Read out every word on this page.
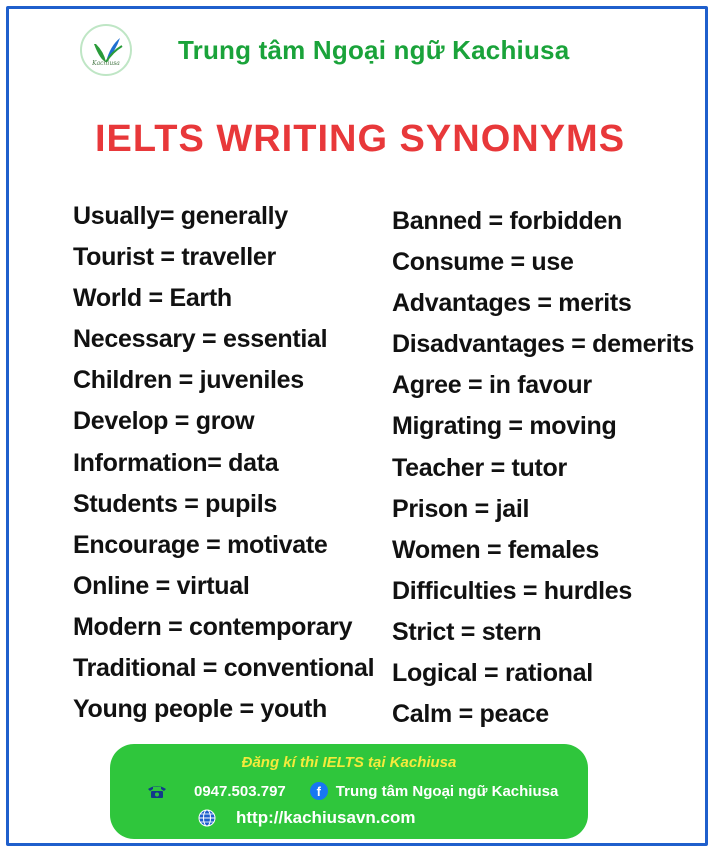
Kachiusa Trung tâm Ngoại ngữ Kachiusa
IELTS WRITING SYNONYMS
Usually= generally
Tourist = traveller
World = Earth
Necessary = essential
Children = juveniles
Develop = grow
Information= data
Students = pupils
Encourage = motivate
Online = virtual
Modern = contemporary
Traditional = conventional
Young people = youth
Banned = forbidden
Consume = use
Advantages = merits
Disadvantages = demerits
Agree = in favour
Migrating = moving
Teacher = tutor
Prison = jail
Women = females
Difficulties = hurdles
Strict = stern
Logical = rational
Calm = peace
Đăng kí thi IELTS tại Kachiusa
0947.503.797	f Trung tâm Ngoại ngữ Kachiusa
http://kachiusavn.com
